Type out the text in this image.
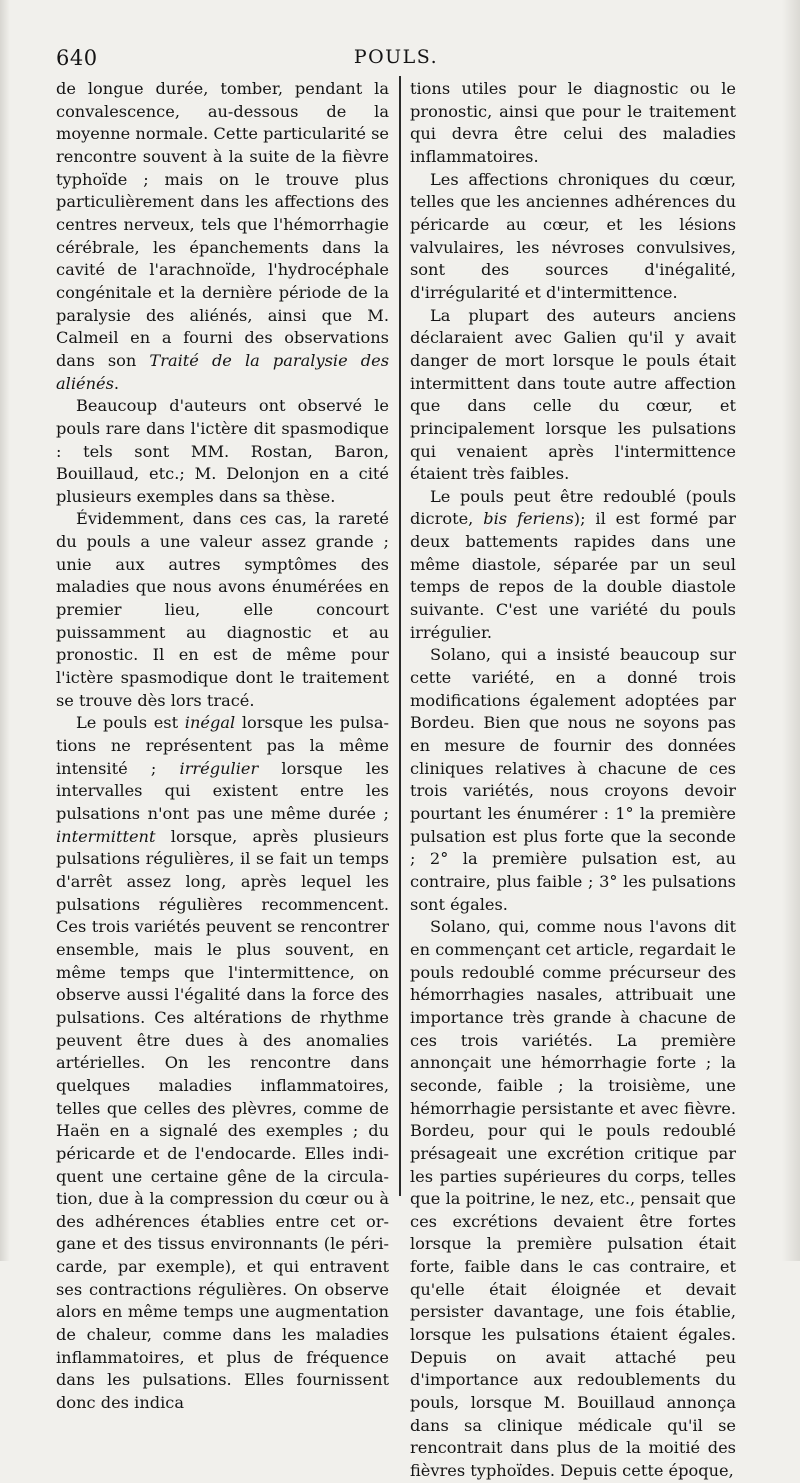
640	POULS.

de longue durée, tomber, pendant la convalescence, au-dessous de la moyenne normale. Cette particularité se rencontre souvent à la suite de la fièvre typhoïde ; mais on le trouve plus particulièrement dans les affections des centres nerveux, tels que l'hémorrhagie cérébrale, les épanchements dans la cavité de l'arachnoïde, l'hydrocéphale congénitale et la dernière période de la paralysie des aliénés, ainsi que M. Calmeil en a fourni des observations dans son Traité de la paralysie des aliénés.

Beaucoup d'auteurs ont observé le pouls rare dans l'ictère dit spasmodique : tels sont MM. Rostan, Baron, Bouillaud, etc.; M. Delonjon en a cité plusieurs exemples dans sa thèse.

Évidemment, dans ces cas, la rareté du pouls a une valeur assez grande ; unie aux autres symptômes des maladies que nous avons énumérées en premier lieu, elle concourt puissamment au diagnostic et au pronostic. Il en est de même pour l'ictère spasmodique dont le traitement se trouve dès lors tracé.

Le pouls est inégal lorsque les pulsations ne représentent pas la même intensité ; irrégulier lorsque les intervalles qui existent entre les pulsations n'ont pas une même durée ; intermittent lorsque, après plusieurs pulsations régulières, il se fait un temps d'arrêt assez long, après lequel les pulsations régulières recommencent. Ces trois variétés peuvent se rencontrer ensemble, mais le plus souvent, en même temps que l'intermittence, on observe aussi l'égalité dans la force des pulsations. Ces altérations de rhythme peuvent être dues à des anomalies artérielles. On les rencontre dans quelques maladies inflammatoires, telles que celles des plèvres, comme de Haën en a signalé des exemples ; du péricarde et de l'endocarde. Elles indiquent une certaine gêne de la circulation, due à la compression du cœur ou à des adhérences établies entre cet organe et des tissus environnants (le péricarde, par exemple), et qui entravent ses contractions régulières. On observe alors en même temps une augmentation de chaleur, comme dans les maladies inflammatoires, et plus de fréquence dans les pulsations. Elles fournissent donc des indica

tions utiles pour le diagnostic ou le pronostic, ainsi que pour le traitement qui devra être celui des maladies inflammatoires.

Les affections chroniques du cœur, telles que les anciennes adhérences du péricarde au cœur, et les lésions valvulaires, les névroses convulsives, sont des sources d'inégalité, d'irrégularité et d'intermittence.

La plupart des auteurs anciens déclaraient avec Galien qu'il y avait danger de mort lorsque le pouls était intermittent dans toute autre affection que dans celle du cœur, et principalement lorsque les pulsations qui venaient après l'intermittence étaient très faibles.

Le pouls peut être redoublé (pouls dicrote, bis feriens); il est formé par deux battements rapides dans une même diastole, séparée par un seul temps de repos de la double diastole suivante. C'est une variété du pouls irrégulier.

Solano, qui a insisté beaucoup sur cette variété, en a donné trois modifications également adoptées par Bordeu. Bien que nous ne soyons pas en mesure de fournir des données cliniques relatives à chacune de ces trois variétés, nous croyons devoir pourtant les énumérer : 1° la première pulsation est plus forte que la seconde ; 2° la première pulsation est, au contraire, plus faible ; 3° les pulsations sont égales.

Solano, qui, comme nous l'avons dit en commençant cet article, regardait le pouls redoublé comme précurseur des hémorrhagies nasales, attribuait une importance très grande à chacune de ces trois variétés. La première annonçait une hémorrhagie forte ; la seconde, faible ; la troisième, une hémorrhagie persistante et avec fièvre. Bordeu, pour qui le pouls redoublé présageait une excrétion critique par les parties supérieures du corps, telles que la poitrine, le nez, etc., pensait que ces excrétions devaient être fortes lorsque la première pulsation était forte, faible dans le cas contraire, et qu'elle était éloignée et devait persister davantage, une fois établie, lorsque les pulsations étaient égales. Depuis on avait attaché peu d'importance aux redoublements du pouls, lorsque M. Bouillaud annonça dans sa clinique médicale qu'il se rencontrait dans plus de la moitié des fièvres typhoïdes. Depuis cette époque,
